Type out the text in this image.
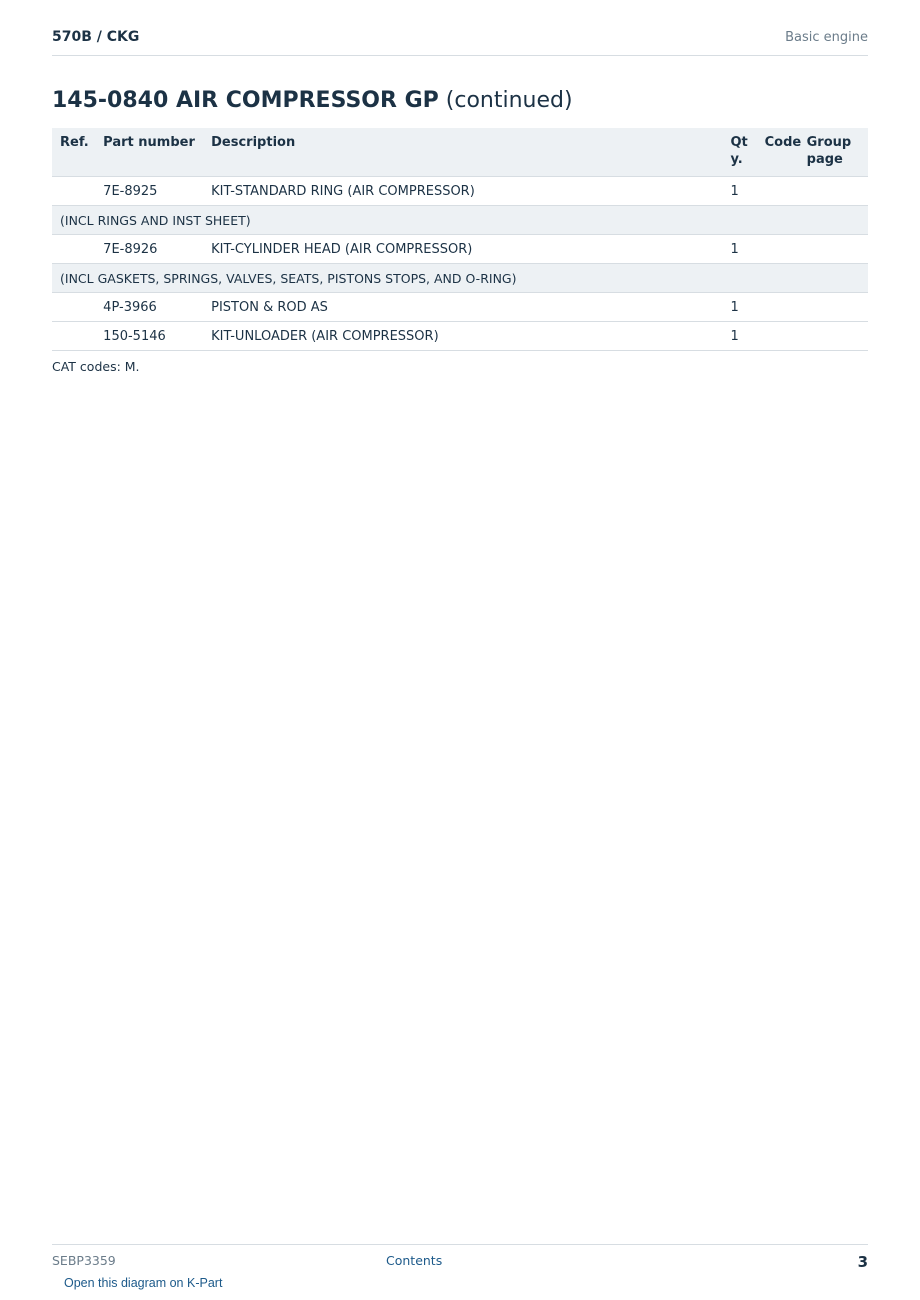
570B / CKG	Basic engine
145-0840 AIR COMPRESSOR GP (continued)
Ref.	Part number	Description	Qty.	Code	Group page
	7E-8925	KIT-STANDARD RING (AIR COMPRESSOR)	1		
(INCL RINGS AND INST SHEET)					
	7E-8926	KIT-CYLINDER HEAD (AIR COMPRESSOR)	1		
(INCL GASKETS, SPRINGS, VALVES, SEATS, PISTONS STOPS, AND O-RING)					
	4P-3966	PISTON & ROD AS	1		
	150-5146	KIT-UNLOADER (AIR COMPRESSOR)	1		
CAT codes: M.
SEBP3359	Contents	3
Open this diagram on K-Part
